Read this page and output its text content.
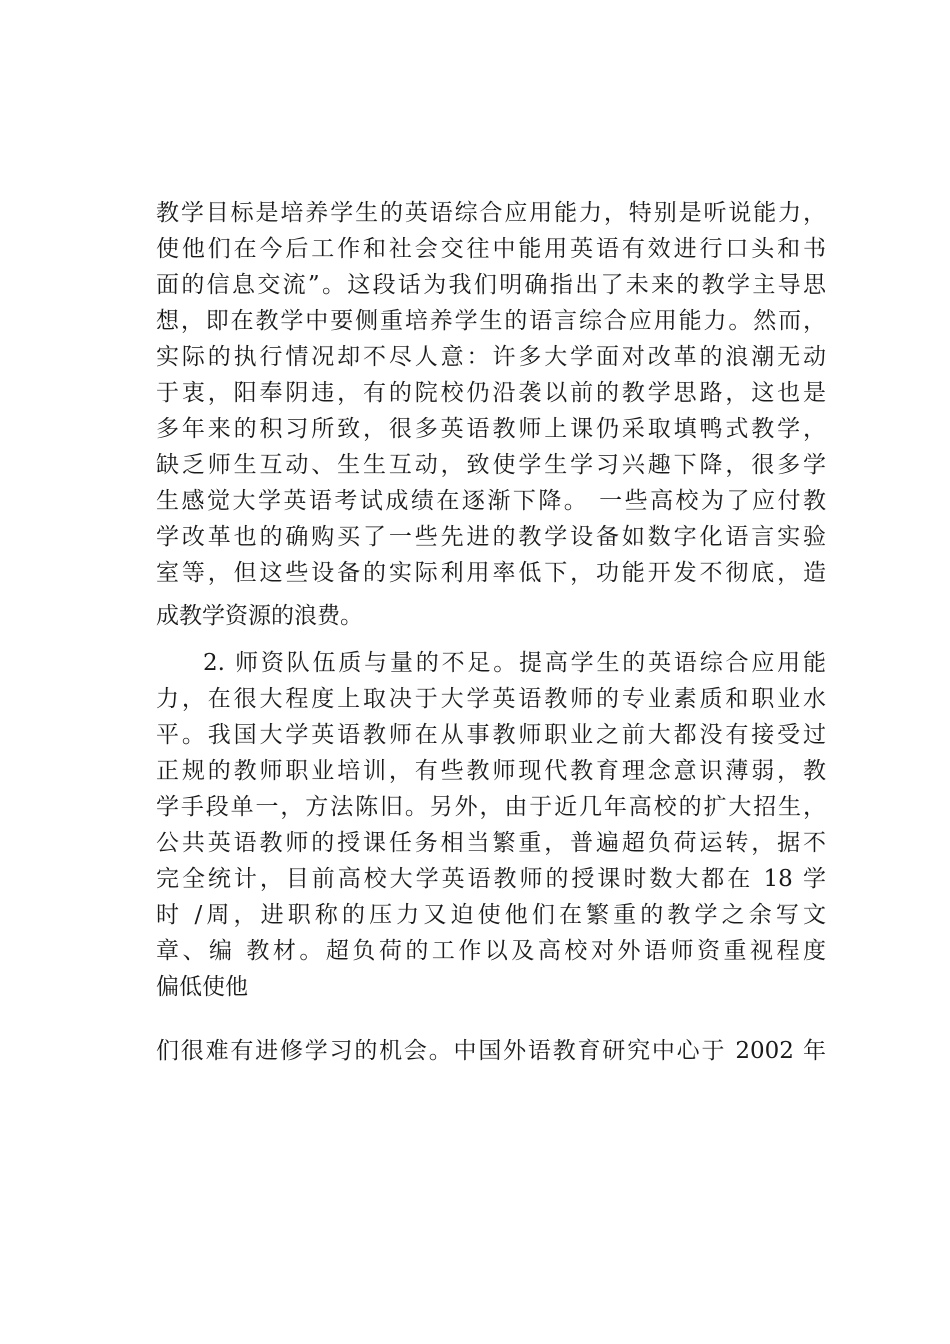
教学目标是培养学生的英语综合应用能力，特别是听说能力，
使他们在今后工作和社会交往中能用英语有效进行口头和书
面的信息交流”。这段话为我们明确指出了未来的教学主导思
想，即在教学中要侧重培养学生的语言综合应用能力。然而，
实际的执行情况却不尽人意：许多大学面对改革的浪潮无动
于衷，阳奉阴违，有的院校仍沿袭以前的教学思路，这也是
多年来的积习所致，很多英语教师上课仍采取填鸭式教学，
缺乏师生互动、生生互动，致使学生学习兴趣下降，很多学
生感觉大学英语考试成绩在逐渐下降。 一些高校为了应付教
学改革也的确购买了一些先进的教学设备如数字化语言实验
室等，但这些设备的实际利用率低下，功能开发不彻底，造
成教学资源的浪费。
2. 师资队伍质与量的不足。提高学生的英语综合应用能
力，在很大程度上取决于大学英语教师的专业素质和职业水
平。我国大学英语教师在从事教师职业之前大都没有接受过
正规的教师职业培训，有些教师现代教育理念意识薄弱，教
学手段单一，方法陈旧。另外，由于近几年高校的扩大招生，
公共英语教师的授课任务相当繁重，普遍超负荷运转，据不
完全统计，目前高校大学英语教师的授课时数大都在 18 学
时 /周，进职称的压力又迫使他们在繁重的教学之余写文
章、编 教材。超负荷的工作以及高校对外语师资重视程度
偏低使他
们很难有进修学习的机会。中国外语教育研究中心于 2002 年
